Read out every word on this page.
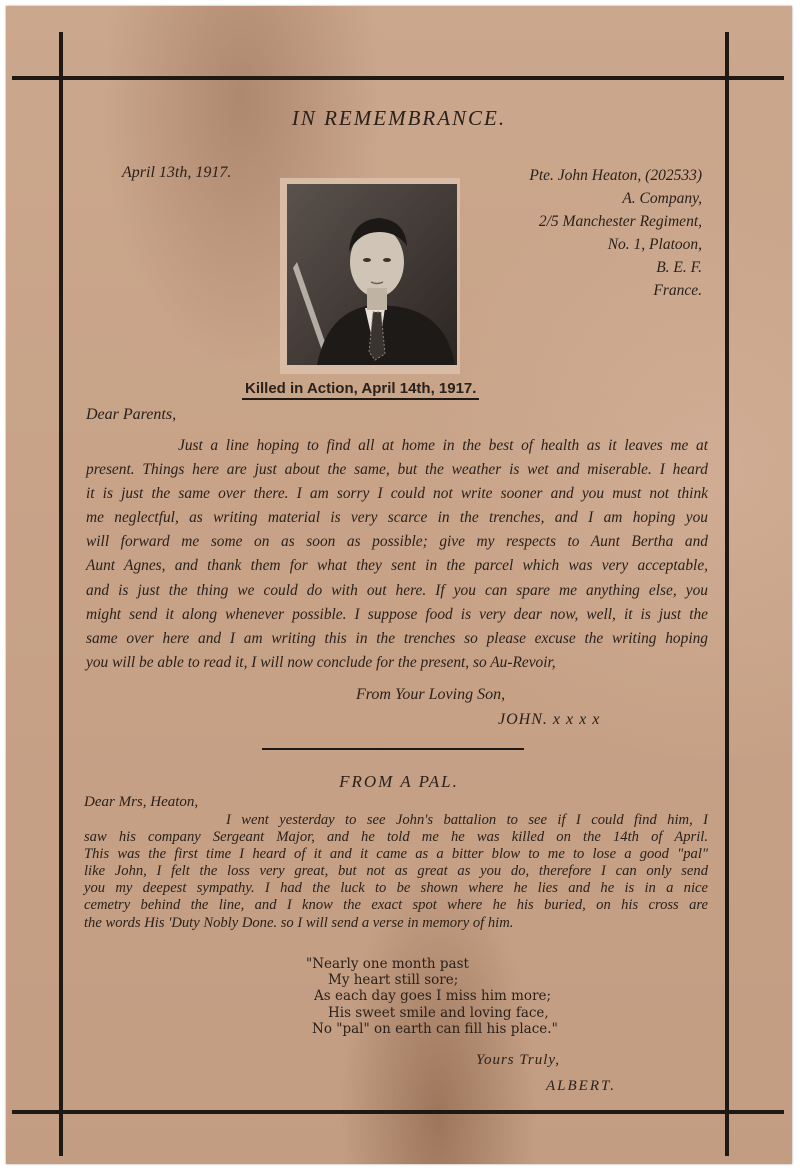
IN REMEMBRANCE.
April 13th, 1917.	Pte. John Heaton, (202533)
A. Company,
2/5 Manchester Regiment,
No. 1, Platoon,
B. E. F.
France.
Killed in Action, April 14th, 1917.
Dear Parents,
Just a line hoping to find all at home in the best of health as it leaves me at
present. Things here are just about the same, but the weather is wet and miserable. I heard
it is just the same over there. I am sorry I could not write sooner and you must not think
me neglectful, as writing material is very scarce in the trenches, and I am hoping you
will forward me some on as soon as possible; give my respects to Aunt Bertha and
Aunt Agnes, and thank them for what they sent in the parcel which was very acceptable,
and is just the thing we could do with out here. If you can spare me anything else, you
might send it along whenever possible. I suppose food is very dear now, well, it is just the
same over here and I am writing this in the trenches so please excuse the writing hoping
you will be able to read it, I will now conclude for the present, so Au-Revoir,
From Your Loving Son,
JOHN. x x x x
FROM A PAL.
Dear Mrs, Heaton,
I went yesterday to see John's battalion to see if I could find him, I
saw his company Sergeant Major, and he told me he was killed on the 14th of April.
This was the first time I heard of it and it came as a bitter blow to me to lose a good "pal"
like John, I felt the loss very great, but not as great as you do, therefore I can only send
you my deepest sympathy. I had the luck to be shown where he lies and he is in a nice
cemetry behind the line, and I know the exact spot where he his buried, on his cross are
the words His 'Duty Nobly Done. so I will send a verse in memory of him.
"Nearly one month past
My heart still sore;
As each day goes I miss him more;
His sweet smile and loving face,
No "pal" on earth can fill his place."
Yours Truly,
ALBERT.
